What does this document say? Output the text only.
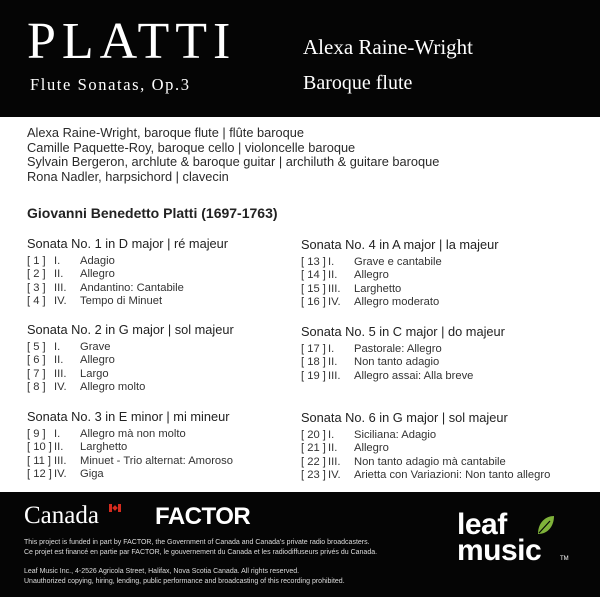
PLATTI
Flute Sonatas, Op.3
Alexa Raine-Wright
Baroque flute
Alexa Raine-Wright, baroque flute | flûte baroque
Camille Paquette-Roy, baroque cello | violoncelle baroque
Sylvain Bergeron, archlute & baroque guitar | archiluth & guitare baroque
Rona Nadler, harpsichord | clavecin
Giovanni Benedetto Platti (1697-1763)
Sonata No. 1 in D major | ré majeur
[ 1 ] I.	Adagio
[ 2 ] II.	Allegro
[ 3 ] III.	Andantino: Cantabile
[ 4 ] IV.	Tempo di Minuet
Sonata No. 2 in G major | sol majeur
[ 5 ] I.	Grave
[ 6 ] II.	Allegro
[ 7 ] III.	Largo
[ 8 ] IV.	Allegro molto
Sonata No. 3 in E minor | mi mineur
[ 9 ] I.	Allegro mà non molto
[ 10 ] II.	Larghetto
[ 11 ] III.	Minuet - Trio alternat: Amoroso
[ 12 ] IV.	Giga
Sonata No. 4 in A major | la majeur
[ 13 ] I.	Grave e cantabile
[ 14 ] II.	Allegro
[ 15 ] III.	Larghetto
[ 16 ] IV.	Allegro moderato
Sonata No. 5 in C major | do majeur
[ 17 ] I.	Pastorale: Allegro
[ 18 ] II.	Non tanto adagio
[ 19 ] III.	Allegro assai: Alla breve
Sonata No. 6 in G major | sol majeur
[ 20 ] I.	Siciliana: Adagio
[ 21 ] II.	Allegro
[ 22 ] III.	Non tanto adagio mà cantabile
[ 23 ] IV.	Arietta con Variazioni: Non tanto allegro
Canada FACTOR
This project is funded in part by FACTOR, the Government of Canada and Canada's private radio broadcasters.
Ce projet est financé en partie par FACTOR, le gouvernement du Canada et les radiodiffuseurs privés du Canada.
Leaf Music Inc., 4-2526 Agricola Street, Halifax, Nova Scotia Canada. All rights reserved.
Unauthorized copying, hiring, lending, public performance and broadcasting of this recording prohibited.
leaf
music	TM
